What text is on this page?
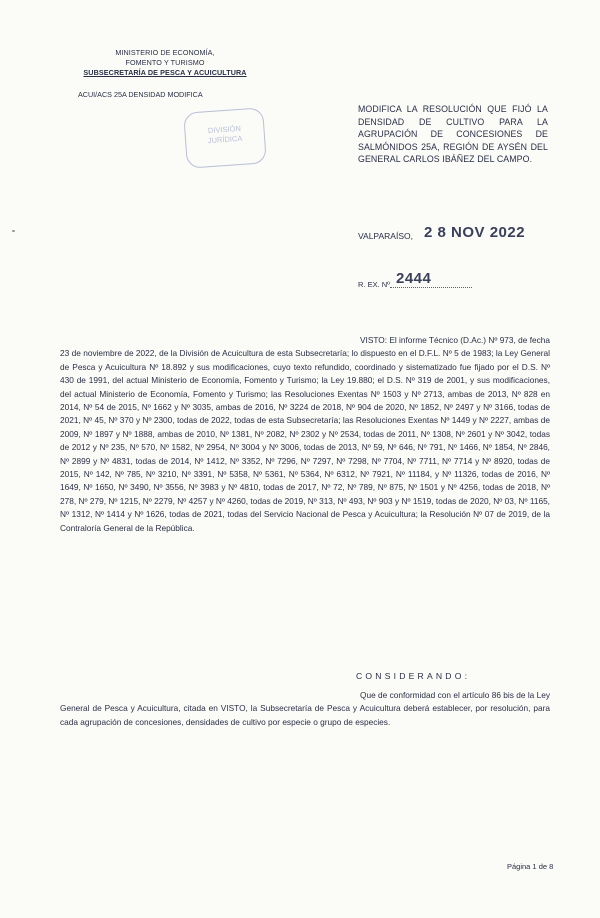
MINISTERIO DE ECONOMÍA,
FOMENTO Y TURISMO
SUBSECRETARÍA DE PESCA Y ACUICULTURA
ACUI/ACS 25A DENSIDAD MODIFICA
DIVISIÓN
JURÍDICA
MODIFICA LA RESOLUCIÓN QUE FIJÓ LA DENSIDAD DE CULTIVO PARA LA AGRUPACIÓN DE CONCESIONES DE SALMÓNIDOS 25A, REGIÓN DE AYSÉN DEL GENERAL CARLOS IBÁÑEZ DEL CAMPO.
VALPARAÍSO, 2 8 NOV 2022
R. EX. Nº 2444
VISTO: El informe Técnico (D.Ac.) Nº 973, de fecha 23 de noviembre de 2022, de la División de Acuicultura de esta Subsecretaría; lo dispuesto en el D.F.L. Nº 5 de 1983; la Ley General de Pesca y Acuicultura Nº 18.892 y sus modificaciones, cuyo texto refundido, coordinado y sistematizado fue fijado por el D.S. Nº 430 de 1991, del actual Ministerio de Economía, Fomento y Turismo; la Ley 19.880; el D.S. Nº 319 de 2001, y sus modificaciones, del actual Ministerio de Economía, Fomento y Turismo; las Resoluciones Exentas Nº 1503 y Nº 2713, ambas de 2013, Nº 828 en 2014, Nº 54 de 2015, Nº 1662 y Nº 3035, ambas de 2016, Nº 3224 de 2018, Nº 904 de 2020, Nº 1852, Nº 2497 y Nº 3166, todas de 2021, Nº 45, Nº 370 y Nº 2300, todas de 2022, todas de esta Subsecretaría; las Resoluciones Exentas Nº 1449 y Nº 2227, ambas de 2009, Nº 1897 y Nº 1888, ambas de 2010, Nº 1381, Nº 2082, Nº 2302 y Nº 2534, todas de 2011, Nº 1308, Nº 2601 y Nº 3042, todas de 2012 y Nº 235, Nº 570, Nº 1582, Nº 2954, Nº 3004 y Nº 3006, todas de 2013, Nº 59, Nº 646, Nº 791, Nº 1466, Nº 1854, Nº 2846, Nº 2899 y Nº 4831, todas de 2014, Nº 1412, Nº 3352, Nº 7296, Nº 7297, Nº 7298, Nº 7704, Nº 7711, Nº 7714 y Nº 8920, todas de 2015, Nº 142, Nº 785, Nº 3210, Nº 3391, Nº 5358, Nº 5361, Nº 5364, Nº 6312, Nº 7921, Nº 11184, y Nº 11326, todas de 2016, Nº 1649, Nº 1650, Nº 3490, Nº 3556, Nº 3983 y Nº 4810, todas de 2017, Nº 72, Nº 789, Nº 875, Nº 1501 y Nº 4256, todas de 2018, Nº 278, Nº 279, Nº 1215, Nº 2279, Nº 4257 y Nº 4260, todas de 2019, Nº 313, Nº 493, Nº 903 y Nº 1519, todas de 2020, Nº 03, Nº 1165, Nº 1312, Nº 1414 y Nº 1626, todas de 2021, todas del Servicio Nacional de Pesca y Acuicultura; la Resolución Nº 07 de 2019, de la Contraloría General de la República.
CONSIDERANDO:
Que de conformidad con el artículo 86 bis de la Ley General de Pesca y Acuicultura, citada en VISTO, la Subsecretaría de Pesca y Acuicultura deberá establecer, por resolución, para cada agrupación de concesiones, densidades de cultivo por especie o grupo de especies.
Página 1 de 8
